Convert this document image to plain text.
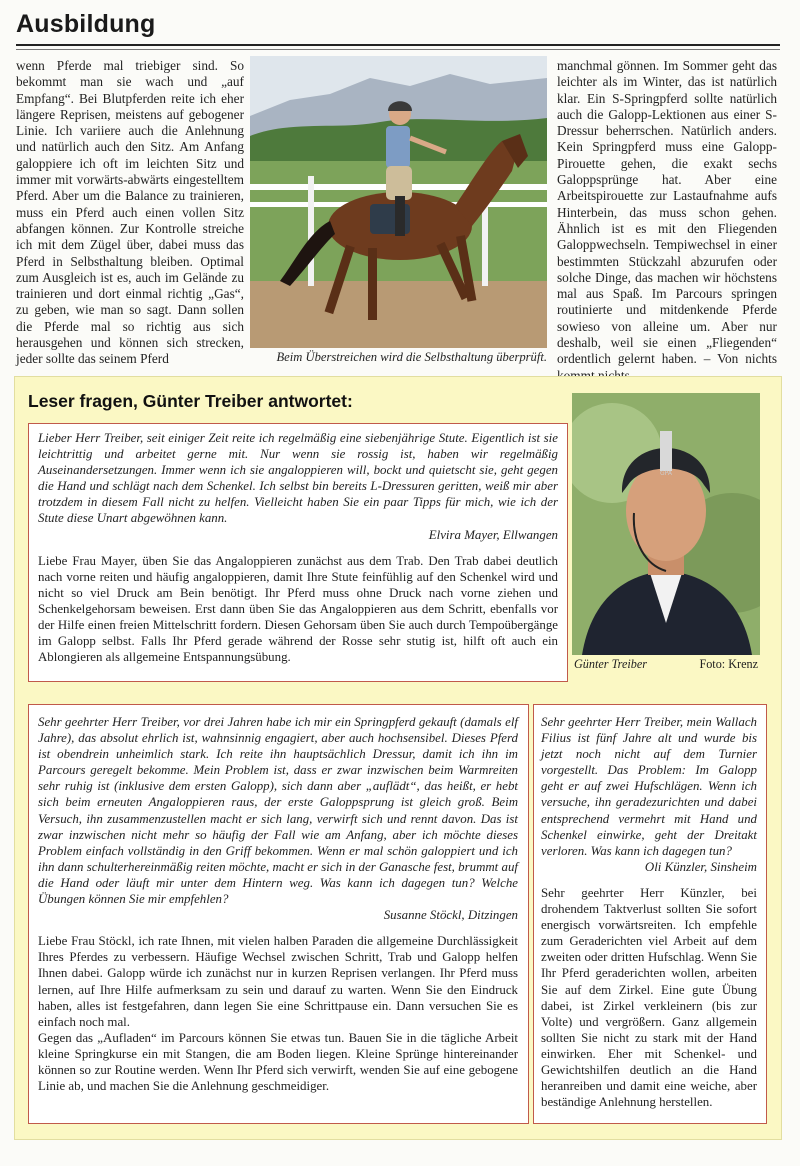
Ausbildung

wenn Pferde mal triebiger sind. So bekommt man sie wach und „auf Empfang“. Bei Blutpferden reite ich eher längere Reprisen, meistens auf gebogener Linie. Ich variiere auch die Anlehnung und natürlich auch den Sitz. Am Anfang galoppiere ich oft im leichten Sitz und immer mit vorwärts-abwärts eingestelltem Pferd. Aber um die Balance zu trainieren, muss ein Pferd auch einen vollen Sitz abfangen können. Zur Kontrolle streiche ich mit dem Zügel über, dabei muss das Pferd in Selbsthaltung bleiben. Optimal zum Ausgleich ist es, auch im Gelände zu trainieren und dort einmal richtig „Gas“, zu geben, wie man so sagt. Dann sollen die Pferde mal so richtig aus sich herausgehen und können sich strecken, jeder sollte das seinem Pferd	Beim Überstreichen wird die Selbsthaltung überprüft.

manchmal gönnen. Im Sommer geht das leichter als im Winter, das ist natürlich klar. Ein S-Springpferd sollte natürlich auch die Galopp-Lektionen aus einer S-Dressur beherrschen. Natürlich anders. Kein Springpferd muss eine Galopp-Pirouette gehen, die exakt sechs Galoppsprünge hat. Aber eine Arbeitspirouette zur Lastaufnahme aufs Hinterbein, das muss schon gehen. Ähnlich ist es mit den Fliegenden Galoppwechseln. Tempiwechsel in einer bestimmten Stückzahl abzurufen oder solche Dinge, das machen wir höchstens mal aus Spaß. Im Parcours springen routinierte und mitdenkende Pferde sowieso von alleine um. Aber nur deshalb, weil sie einen „Fliegenden“ ordentlich gelernt haben. – Von nichts

Leser fragen, Günter Treiber antwortet:

Lieber Herr Treiber, seit einiger Zeit reite ich regelmäßig eine siebenjährige Stute. Eigentlich ist sie leichtrittig und arbeitet gerne mit. Nur wenn sie rossig ist, haben wir regelmäßig Auseinandersetzungen. Immer wenn ich sie angaloppieren will, bockt und quietscht sie, geht gegen die Hand und schlägt nach dem Schenkel. Ich selbst bin bereits L-Dressuren geritten, weiß mir aber trotzdem in diesem Fall nicht zu helfen. Vielleicht haben Sie ein paar Tipps für mich, wie ich der Stute diese Unart abgewöhnen kann.

Elvira Mayer, Ellwangen

Liebe Frau Mayer, üben Sie das Angaloppieren zunächst aus dem Trab. Den Trab dabei deutlich nach vorne reiten und häufig angaloppieren, damit Ihre Stute feinfühlig auf den Schenkel wird und nicht so viel Druck am Bein benötigt. Ihr Pferd muss ohne Druck nach vorne ziehen und Schenkelgehorsam beweisen. Erst dann üben Sie das Angaloppieren aus dem Schritt, ebenfalls vor der Hilfe einen freien Mittelschritt fordern. Diesen Gehorsam üben Sie auch durch Tempoübergänge im Galopp selbst. Falls Ihr Pferd gerade während der Rosse sehr stutig ist, hilft oft auch ein Ablongieren als allgemeine Entspannungsübung.

GPA
Günter Treiber	Foto: Krenz

Sehr geehrter Herr Treiber, vor drei Jahren habe ich mir ein Springpferd gekauft (damals elf Jahre), das absolut ehrlich ist, wahnsinnig engagiert, aber auch hochsensibel. Dieses Pferd ist obendrein unheimlich stark. Ich reite ihn hauptsächlich Dressur, damit ich ihn im Parcours geregelt bekomme. Mein Problem ist, dass er zwar inzwischen beim Warmreiten sehr ruhig ist (inklusive dem ersten Galopp), sich dann aber „auflädt“, das heißt, er hebt sich beim erneuten Angaloppieren raus, der erste Galoppsprung ist gleich groß. Beim Versuch, ihn zusammenzustellen macht er sich lang, verwirft sich und rennt davon. Das ist zwar inzwischen nicht mehr so häufig der Fall wie am Anfang, aber ich möchte dieses Problem einfach vollständig in den Griff bekommen. Wenn er mal schön galoppiert und ich ihn dann schulterhereinmäßig reiten möchte, macht er sich in der Ganasche fest, brummt auf die Hand oder läuft mir unter dem Hintern weg. Was kann ich dagegen tun? Welche Übungen können Sie mir empfehlen?

Susanne Stöckl, Ditzingen

Liebe Frau Stöckl, ich rate Ihnen, mit vielen halben Paraden die allgemeine Durchlässigkeit Ihres Pferdes zu verbessern. Häufige Wechsel zwischen Schritt, Trab und Galopp helfen Ihnen dabei. Galopp würde ich zunächst nur in kurzen Reprisen verlangen. Ihr Pferd muss lernen, auf Ihre Hilfe aufmerksam zu sein und darauf zu warten. Wenn Sie den Eindruck haben, alles ist festgefahren, dann legen Sie eine Schrittpause ein. Dann versuchen Sie es einfach noch mal.

Gegen das „Aufladen“ im Parcours können Sie etwas tun. Bauen Sie in die tägliche Arbeit kleine Springkurse ein mit Stangen, die am Boden liegen. Kleine Sprünge hintereinander können so zur Routine werden. Wenn Ihr Pferd sich verwirft, wenden Sie auf eine gebogene Linie ab, und machen Sie die Anlehnung geschmeidiger.

Sehr geehrter Herr Treiber, mein Wallach Filius ist fünf Jahre alt und wurde bis jetzt noch nicht auf dem Turnier vorgestellt. Das Problem: Im Galopp geht er auf zwei Hufschlägen. Wenn ich versuche, ihn geradezurichten und dabei entsprechend vermehrt mit Hand und Schenkel einwirke, geht der Dreitakt verloren. Was kann ich dagegen tun?

Oli Künzler, Sinsheim

Sehr geehrter Herr Künzler, bei drohendem Taktverlust sollten Sie sofort energisch vorwärtsreiten. Ich empfehle zum Geraderichten viel Arbeit auf dem zweiten oder dritten Hufschlag. Wenn Sie Ihr Pferd geraderichten wollen, arbeiten Sie auf dem Zirkel. Eine gute Übung dabei, ist Zirkel verkleinern (bis zur Volte) und vergrößern. Ganz allgemein sollten Sie nicht zu stark mit der Hand einwirken. Eher mit Schenkel- und Gewichtshilfen deutlich an die Hand heranreiben und damit eine weiche, aber beständige Anlehnung herstellen.
